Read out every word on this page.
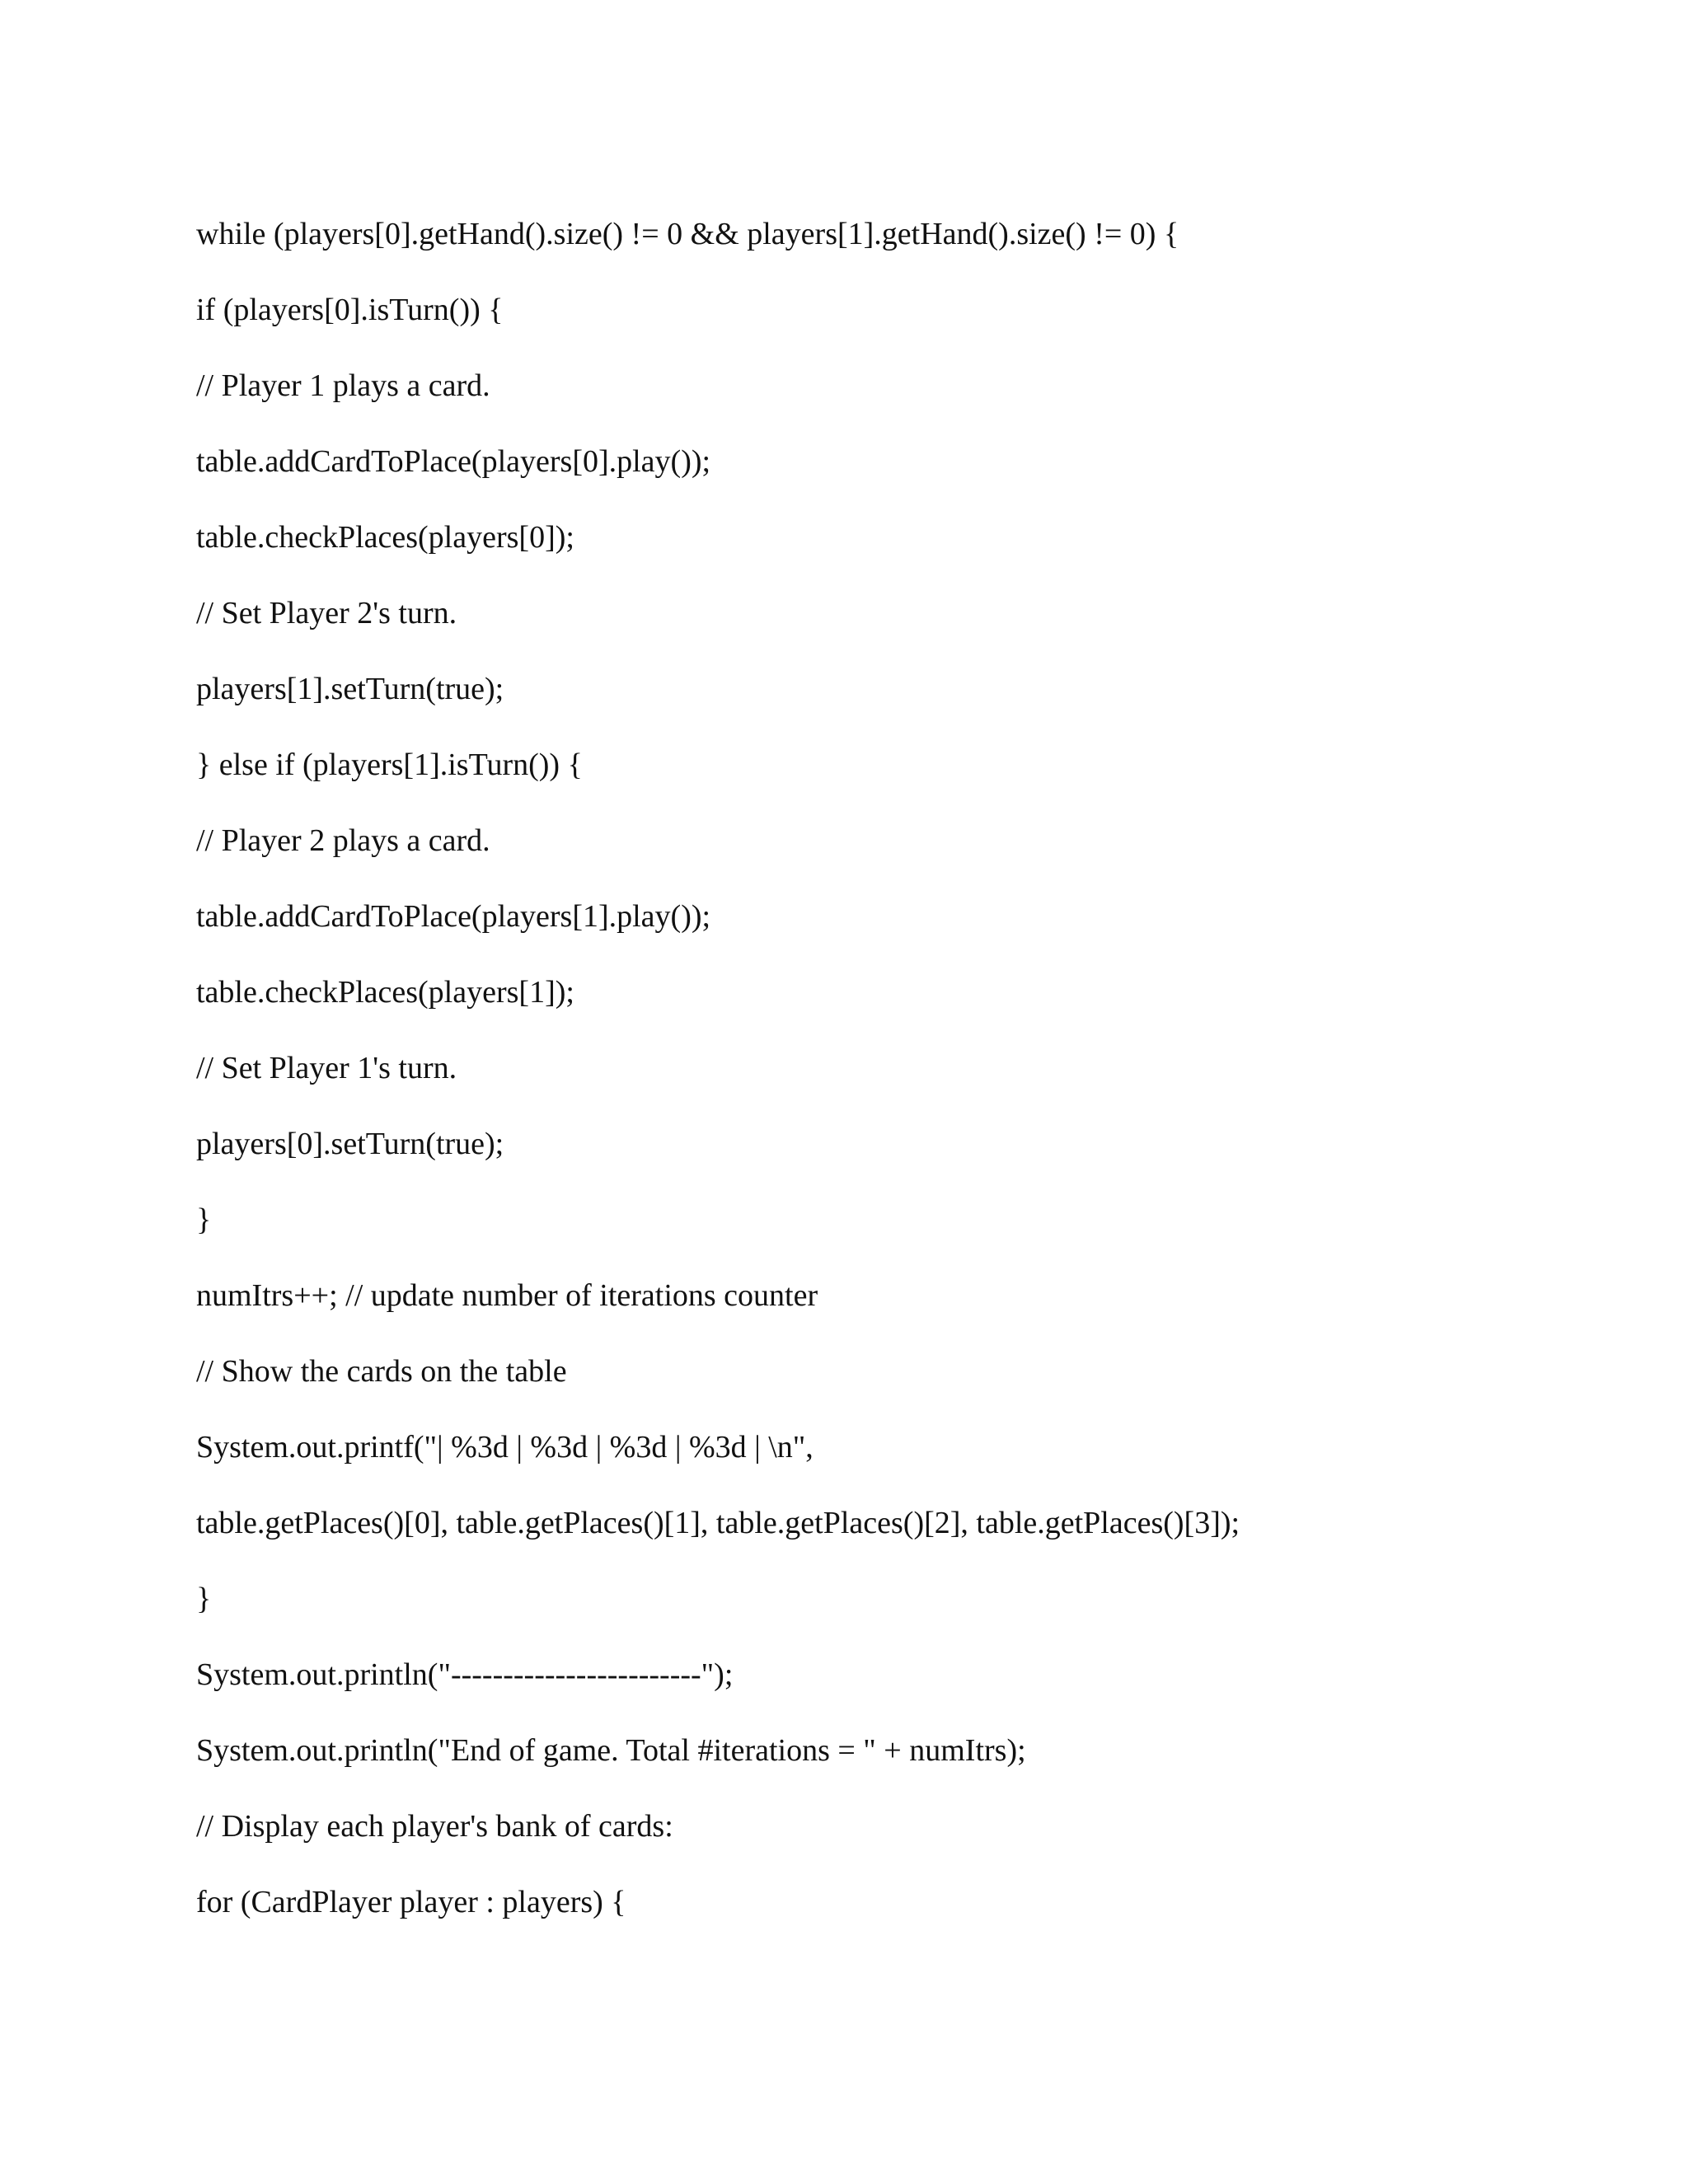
while (players[0].getHand().size() != 0 && players[1].getHand().size() != 0) {
if (players[0].isTurn()) {
// Player 1 plays a card.
table.addCardToPlace(players[0].play());
table.checkPlaces(players[0]);
// Set Player 2's turn.
players[1].setTurn(true);
} else if (players[1].isTurn()) {
// Player 2 plays a card.
table.addCardToPlace(players[1].play());
table.checkPlaces(players[1]);
// Set Player 1's turn.
players[0].setTurn(true);
}
numItrs++; // update number of iterations counter
// Show the cards on the table
System.out.printf("| %3d | %3d | %3d | %3d | \n",
table.getPlaces()[0], table.getPlaces()[1], table.getPlaces()[2], table.getPlaces()[3]);
}
System.out.println("------------------------");
System.out.println("End of game. Total #iterations = " + numItrs);
// Display each player's bank of cards:
for (CardPlayer player : players) {
